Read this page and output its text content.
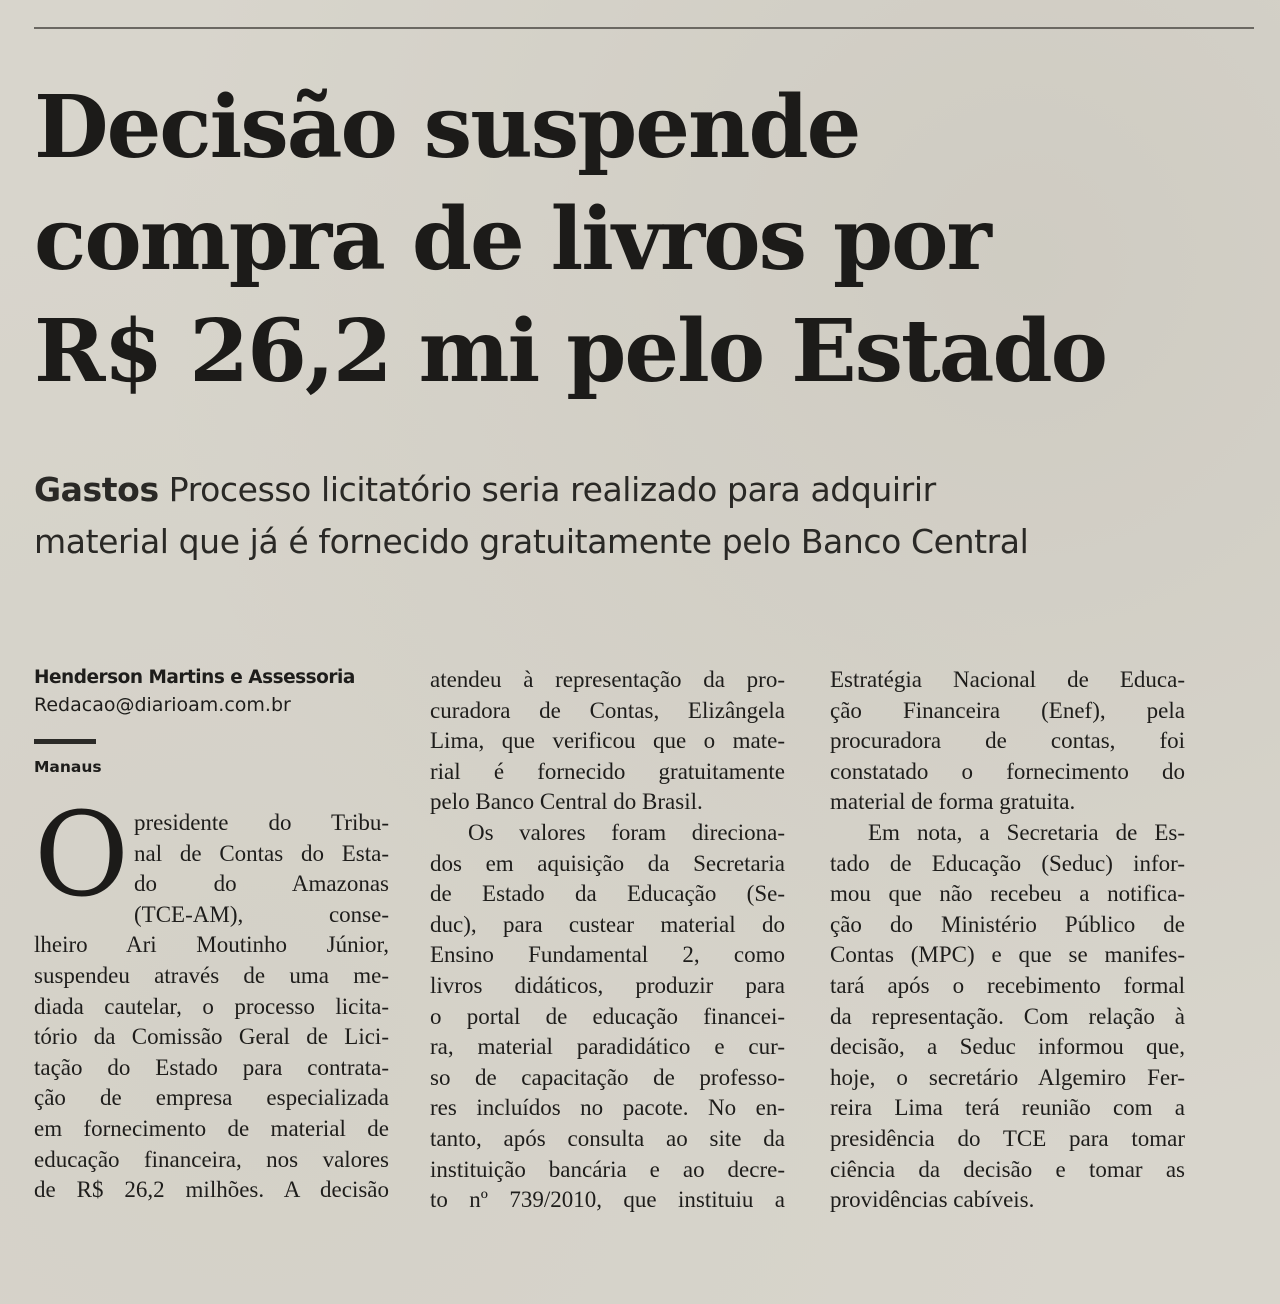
Decisão suspende
compra de livros por
R$ 26,2 mi pelo Estado
Gastos Processo licitatório seria realizado para adquirir
material que já é fornecido gratuitamente pelo Banco Central
Henderson Martins e Assessoria
Redacao@diarioam.com.br
Manaus
O presidente do Tribu-
nal de Contas do Esta-
do do Amazonas
(TCE-AM), conse-
lheiro Ari Moutinho Júnior,
suspendeu através de uma me-
diada cautelar, o processo licita-
tório da Comissão Geral de Lici-
tação do Estado para contrata-
ção de empresa especializada
em fornecimento de material de
educação financeira, nos valores
de R$ 26,2 milhões. A decisão
atendeu à representação da pro-
curadora de Contas, Elizângela
Lima, que verificou que o mate-
rial é fornecido gratuitamente
pelo Banco Central do Brasil.
Os valores foram direciona-
dos em aquisição da Secretaria
de Estado da Educação (Se-
duc), para custear material do
Ensino Fundamental 2, como
livros didáticos, produzir para
o portal de educação financei-
ra, material paradidático e cur-
so de capacitação de professo-
res incluídos no pacote. No en-
tanto, após consulta ao site da
instituição bancária e ao decre-
to nº 739/2010, que instituiu a
Estratégia Nacional de Educa-
ção Financeira (Enef), pela
procuradora de contas, foi
constatado o fornecimento do
material de forma gratuita.
Em nota, a Secretaria de Es-
tado de Educação (Seduc) infor-
mou que não recebeu a notifica-
ção do Ministério Público de
Contas (MPC) e que se manifes-
tará após o recebimento formal
da representação. Com relação à
decisão, a Seduc informou que,
hoje, o secretário Algemiro Fer-
reira Lima terá reunião com a
presidência do TCE para tomar
ciência da decisão e tomar as
providências cabíveis.
